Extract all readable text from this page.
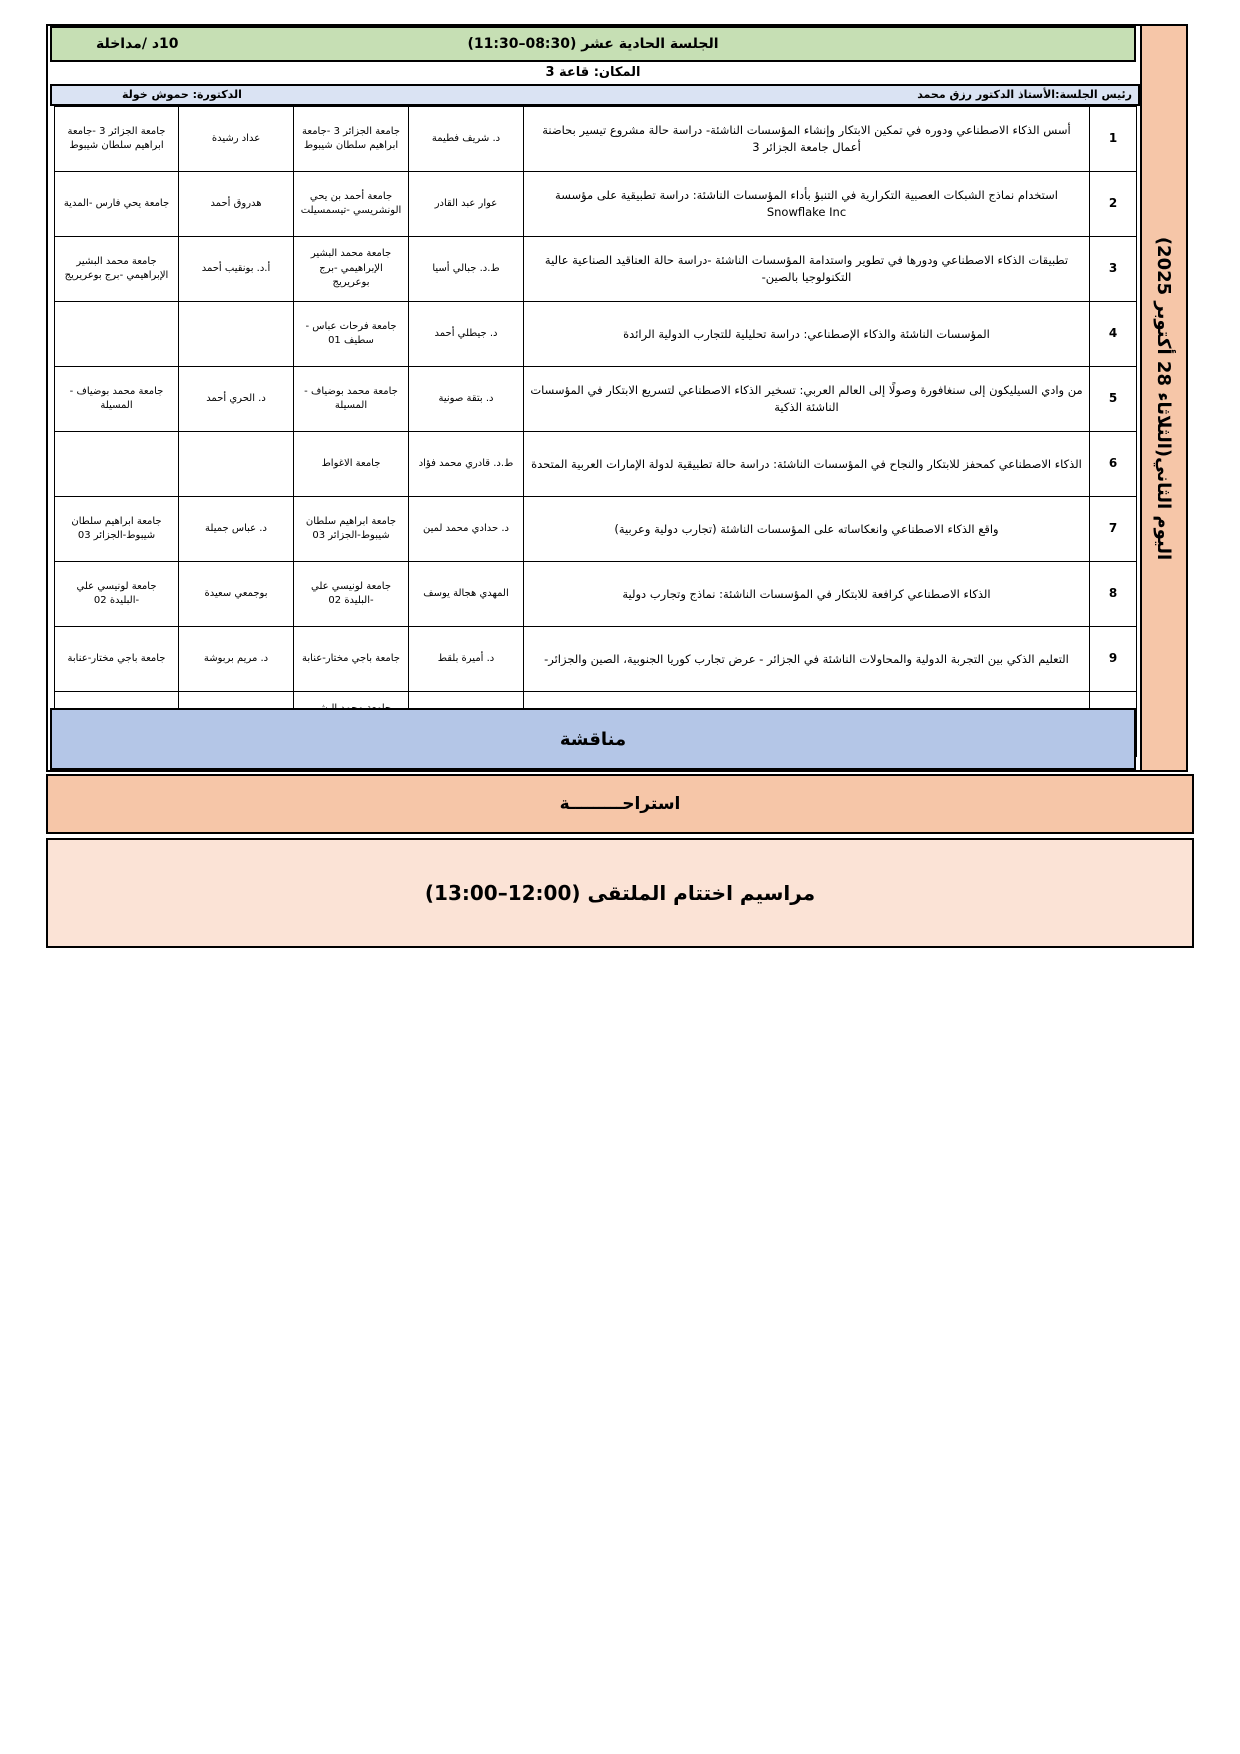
الجلسة الحادية عشر (08:30–11:30)
10د /مداخلة
المكان: قاعة 3
رئيس الجلسة:الأستاذ الدكتور رزق محمد
الدكتورة: حموش خولة
اليوم الثاني(الثلاثاء 28 أكتوبر 2025)
1	أسس الذكاء الاصطناعي ودوره في تمكين الابتكار وإنشاء المؤسسات الناشئة- دراسة حالة مشروع تيسير بحاضنة أعمال جامعة الجزائر 3	د. شريف فطيمة	جامعة الجزائر 3 -جامعة ابراهيم سلطان شيبوط	عداد رشيدة	جامعة الجزائر 3 -جامعة ابراهيم سلطان شيبوط
2	استخدام نماذج الشبكات العصبية التكرارية في التنبؤ بأداء المؤسسات الناشئة: دراسة تطبيقية على مؤسسة Snowflake Inc	عوار عبد القادر	جامعة أحمد بن يحي الونشريسي -تيسمسيلت	هدروق أحمد	جامعة يحي فارس -المدية
3	تطبيقات الذكاء الاصطناعي ودورها في تطوير واستدامة المؤسسات الناشئة -دراسة حالة العناقيد الصناعية عالية التكنولوجيا بالصين-	ط.د. جبالي أسيا	جامعة محمد البشير الإبراهيمي -برج بوعريريج	أ.د. بونقيب أحمد	جامعة محمد البشير الإبراهيمي -برج بوعريريج
4	المؤسسات الناشئة والذكاء الإصطناعي: دراسة تحليلية للتجارب الدولية الرائدة	د. جيطلي أحمد	جامعة فرحات عباس - سطيف 01		
5	من وادي السيليكون إلى سنغافورة وصولًا إلى العالم العربي: تسخير الذكاء الاصطناعي لتسريع الابتكار في المؤسسات الناشئة الذكية	د. بتقة صونية	جامعة محمد بوضياف - المسيلة	د. الحري أحمد	جامعة محمد بوضياف - المسيلة
6	الذكاء الاصطناعي كمحفز للابتكار والنجاح في المؤسسات الناشئة: دراسة حالة تطبيقية لدولة الإمارات العربية المتحدة	ط.د. قادري محمد فؤاد	جامعة الاغواط		
7	واقع الذكاء الاصطناعي وانعكاساته على المؤسسات الناشئة (تجارب دولية وعربية)	د. حدادي محمد لمين	جامعة ابراهيم سلطان شيبوط-الجزائر 03	د. عباس جميلة	جامعة ابراهيم سلطان شيبوط-الجزائر 03
8	الذكاء الاصطناعي كرافعة للابتكار في المؤسسات الناشئة: نماذج وتجارب دولية	المهدي هجالة يوسف	جامعة لونيسي علي -البليدة 02	بوجمعي سعيدة	جامعة لونيسي علي -البليدة 02
9	التعليم الذكي بين التجربة الدولية والمحاولات الناشئة في الجزائر - عرض تجارب كوريا الجنوبية، الصين والجزائر-	د. أميرة بلقط	جامعة باجي مختار-عنابة	د. مريم بربوشة	جامعة باجي مختار-عنابة

مناقشة
استراحـــــــــة
مراسيم اختتام الملتقى (12:00–13:00)
